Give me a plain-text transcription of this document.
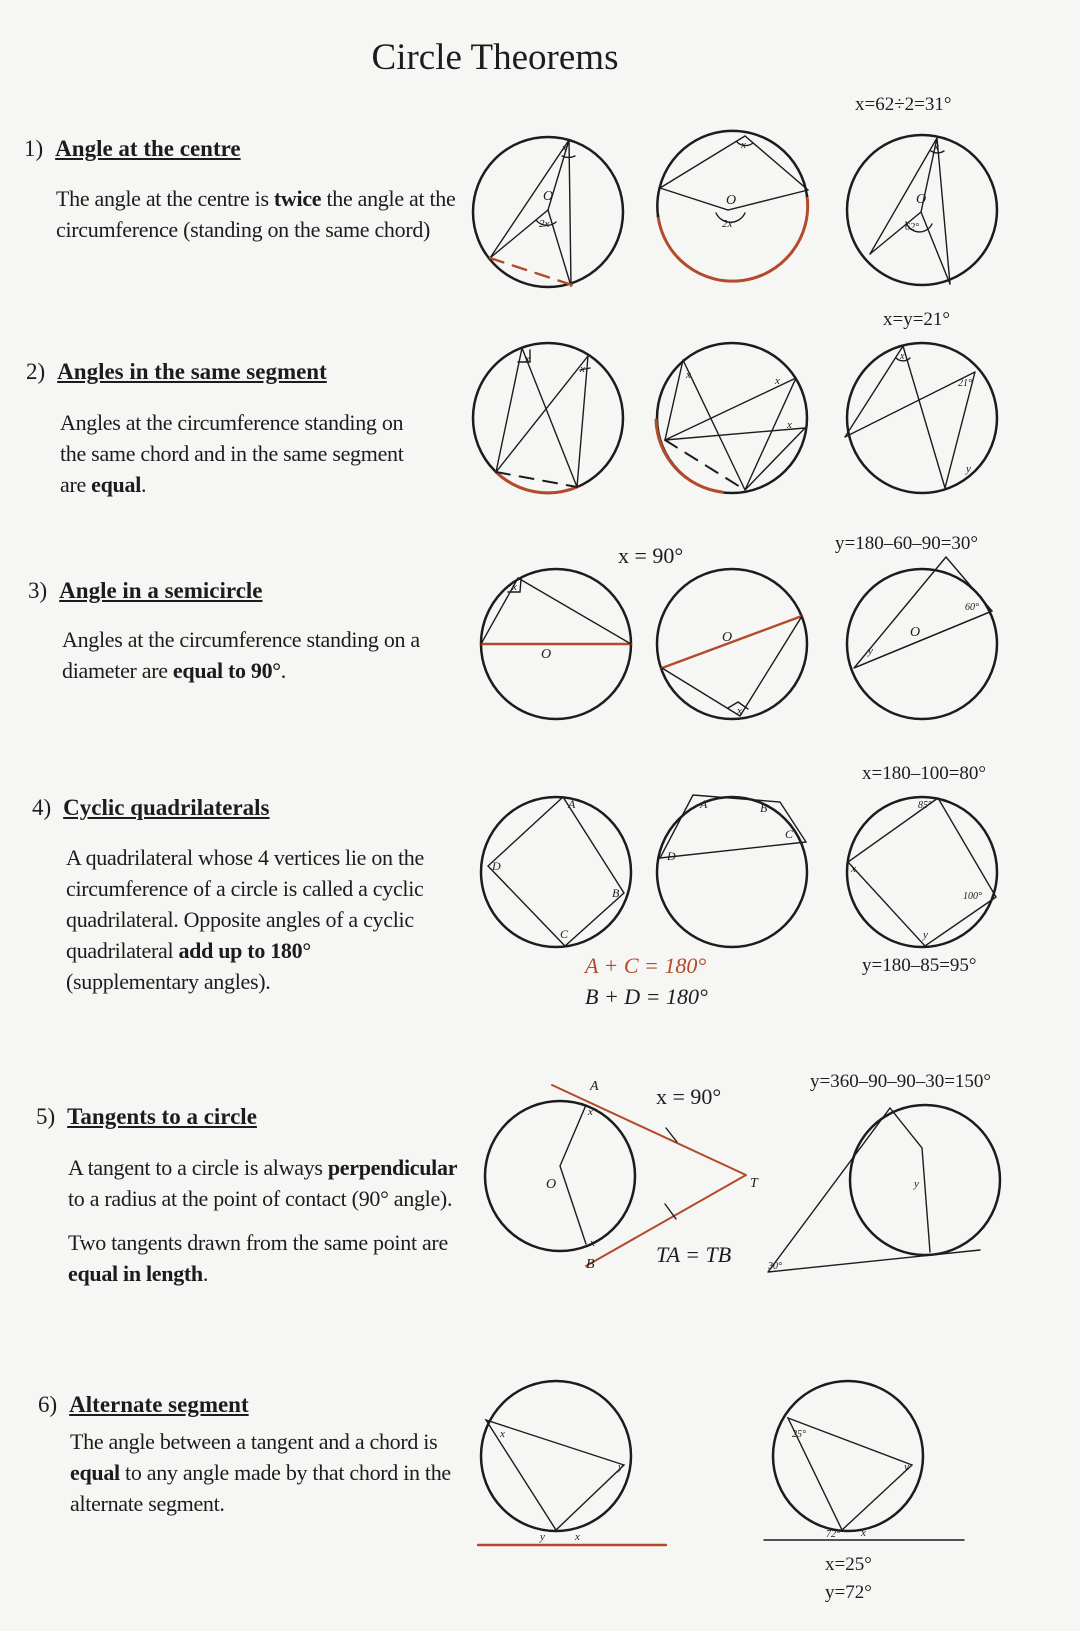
Circle Theorems
1) Angle at the centre

The angle at the centre is twice the angle at the circumference (standing on the same chord)

2) Angles in the same segment

Angles at the circumference standing on the same chord and in the same segment are equal.

3) Angle in a semicircle

Angles at the circumference standing on a diameter are equal to 90°.

4) Cyclic quadrilaterals

A quadrilateral whose 4 vertices lie on the circumference of a circle is called a cyclic quadrilateral. Opposite angles of a cyclic quadrilateral add up to 180° (supplementary angles).

5) Tangents to a circle

A tangent to a circle is always perpendicular to a radius at the point of contact (90° angle).

Two tangents drawn from the same point are equal in length.

6) Alternate segment

The angle between a tangent and a chord is equal to any angle made by that chord in the alternate segment.

x=62÷2=31°
x=y=21°
x = 90°	y=180–60–90=30°
x=180–100=80°
A + C = 180°
B + D = 180°
y=180–85=95°
x = 90°
TA = TB
y=360–90–90–30=150°
x=25°
y=72°
x
O
2x
x
O
2x
x
O
62°
x
x	x	x
x
x
21°
y
x
O
x
O
y
60°
O
A
D
C
B
A	B
C
D
85°
x
100°
y
A
B
T
O
x
x
30°
y
x
y
y	x
25°
y
72° x
